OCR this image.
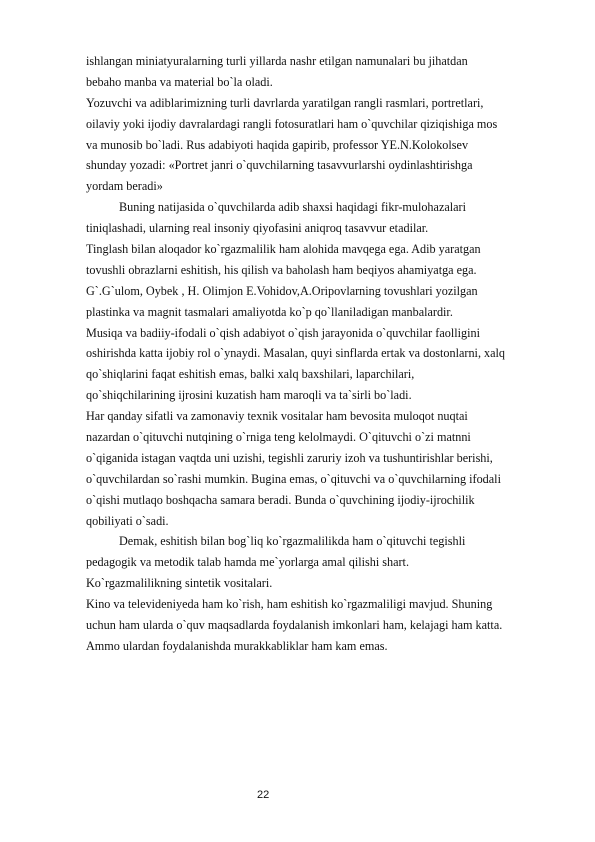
ishlangan miniatyuralarning turli yillarda nashr etilgan namunalari bu jihatdan
bebaho manba va material bo`la oladi.
Yozuvchi va adiblarimizning turli davrlarda yaratilgan rangli rasmlari, portretlari,
oilaviy yoki ijodiy davralardagi rangli fotosuratlari ham o`quvchilar qiziqishiga mos
va munosib bo`ladi. Rus adabiyoti haqida gapirib, professor YE.N.Kolokolsev
shunday yozadi: «Portret janri o`quvchilarning tasavvurlarshi oydinlashtirishga
yordam beradi»
Buning natijasida o`quvchilarda adib shaxsi haqidagi fikr-mulohazalari
tiniqlashadi, ularning real insoniy qiyofasini aniqroq tasavvur etadilar.
Tinglash bilan aloqador ko`rgazmalilik ham alohida mavqega ega. Adib yaratgan
tovushli obrazlarni eshitish, his qilish va baholash ham beqiyos ahamiyatga ega.
G`.G`ulom, Oybek , H. Olimjon E.Vohidov,A.Oripovlarning tovushlari yozilgan
plastinka va magnit tasmalari amaliyotda ko`p qo`llaniladigan manbalardir.
Musiqa va badiiy-ifodali o`qish adabiyot o`qish jarayonida o`quvchilar faolligini
oshirishda katta ijobiy rol o`ynaydi. Masalan, quyi sinflarda ertak va dostonlarni, xalq
qo`shiqlarini faqat eshitish emas, balki xalq baxshilari, laparchilari,
qo`shiqchilarining ijrosini kuzatish ham maroqli va ta`sirli bo`ladi.
Har qanday sifatli va zamonaviy texnik vositalar ham bevosita muloqot nuqtai
nazardan o`qituvchi nutqining o`rniga teng kelolmaydi. O`qituvchi o`zi matnni
o`qiganida istagan vaqtda uni uzishi, tegishli zaruriy izoh va tushuntirishlar berishi,
o`quvchilardan so`rashi mumkin. Bugina emas, o`qituvchi va o`quvchilarning ifodali
o`qishi mutlaqo boshqacha samara beradi. Bunda o`quvchining ijodiy-ijrochilik
qobiliyati o`sadi.
Demak, eshitish bilan bog`liq ko`rgazmalilikda ham o`qituvchi tegishli
pedagogik va metodik talab hamda me`yorlarga amal qilishi shart.
Ko`rgazmalilikning sintetik vositalari.
Kino va televideniyeda ham ko`rish, ham eshitish ko`rgazmaliligi mavjud. Shuning
uchun ham ularda o`quv maqsadlarda foydalanish imkonlari ham, kelajagi ham katta.
Ammo ulardan foydalanishda murakkabliklar ham kam emas.
22
